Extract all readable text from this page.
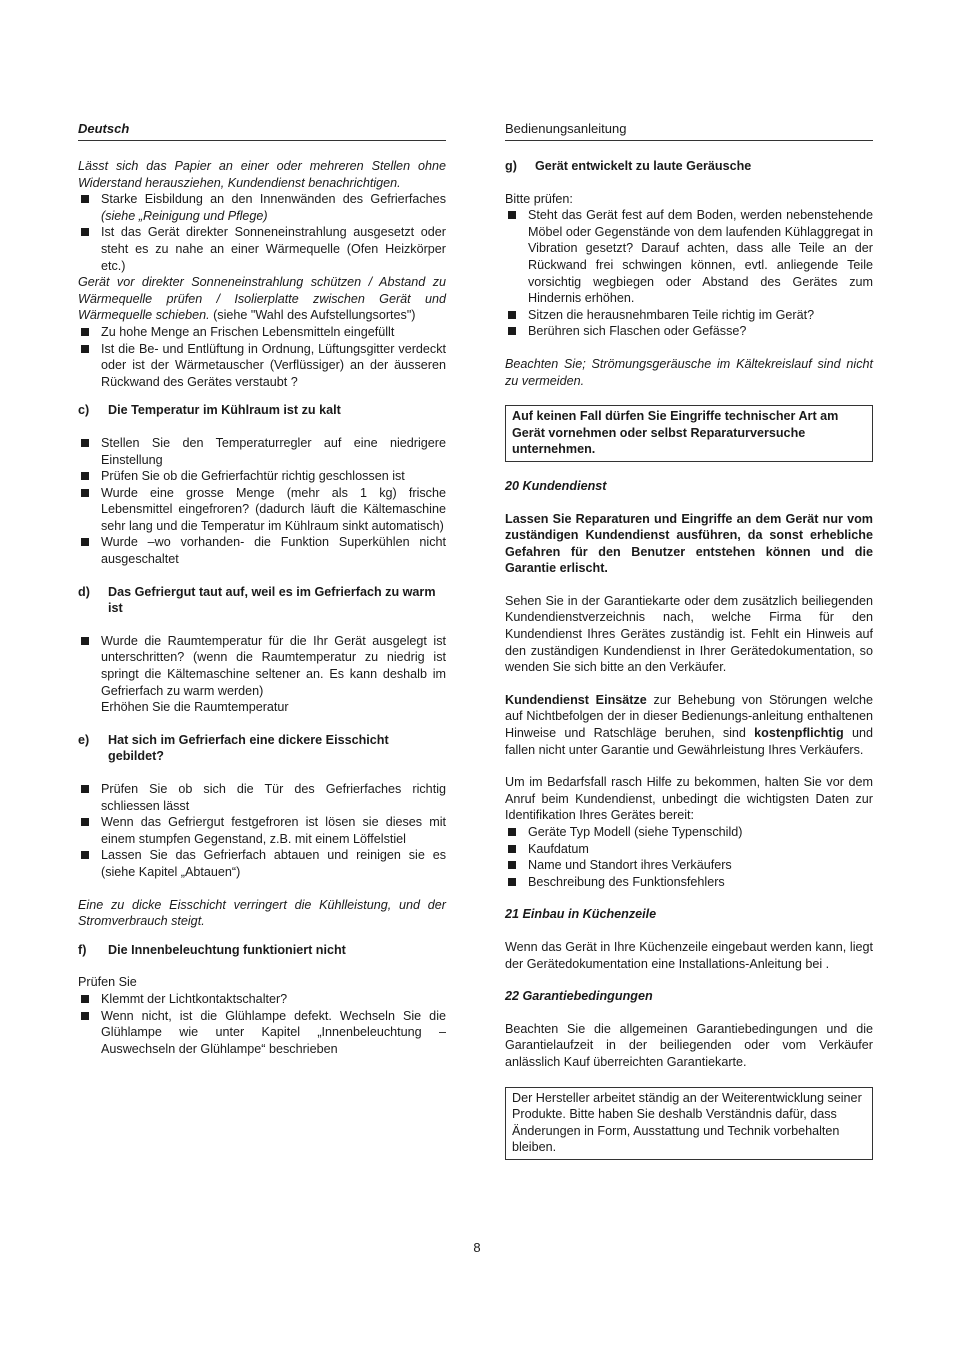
Deutsch	Bedienungsanleitung

Lässt sich das Papier an einer oder mehreren Stellen ohne Widerstand herausziehen, Kundendienst benachrichtigen.

Starke Eisbildung an den Innenwänden des Gefrierfaches (siehe „Reinigung und Pflege)
Ist das Gerät direkter Sonneneinstrahlung ausgesetzt oder steht es zu nahe an einer Wärmequelle (Ofen Heizkörper etc.)

Gerät vor direkter Sonneneinstrahlung schützen / Abstand zu Wärmequelle prüfen / Isolierplatte zwischen Gerät und Wärmequelle schieben. (siehe "Wahl des Aufstellungsortes")

Zu hohe Menge an Frischen Lebensmitteln eingefüllt
Ist die Be- und Entlüftung in Ordnung, Lüftungsgitter verdeckt oder ist der Wärmetauscher (Verflüssiger) an der äusseren Rückwand des Gerätes verstaubt ?
c)	Die Temperatur im Kühlraum ist zu kalt
Stellen Sie den Temperaturregler auf eine niedrigere Einstellung
Prüfen Sie ob die Gefrierfachtür richtig geschlossen ist
Wurde eine grosse Menge (mehr als 1 kg) frische Lebensmittel eingefroren? (dadurch läuft die Kältemaschine sehr lang und die Temperatur im Kühlraum sinkt automatisch)
Wurde –wo vorhanden- die Funktion Superkühlen nicht ausgeschaltet
d)	Das Gefriergut taut auf, weil es im Gefrierfach zu warm ist
Wurde die Raumtemperatur für die Ihr Gerät ausgelegt ist unterschritten? (wenn die Raumtemperatur zu niedrig ist springt die Kältemaschine seltener an. Es kann deshalb im Gefrierfach zu warm werden)

Erhöhen Sie die Raumtemperatur

e)	Hat sich im Gefrierfach eine dickere Eisschicht gebildet?
Prüfen Sie ob sich die Tür des Gefrierfaches richtig schliessen lässt
Wenn das Gefriergut festgefroren ist lösen sie dieses mit einem stumpfen Gegenstand, z.B. mit einem Löffelstiel
Lassen Sie das Gefrierfach abtauen und reinigen sie es (siehe Kapitel „Abtauen“)

Eine zu dicke Eisschicht verringert die Kühlleistung, und der Stromverbrauch steigt.

f)	Die Innenbeleuchtung funktioniert nicht

Prüfen Sie

Klemmt der Lichtkontaktschalter?
Wenn nicht, ist die Glühlampe defekt. Wechseln Sie die Glühlampe wie unter Kapitel „Innenbeleuchtung – Auswechseln der Glühlampe“ beschrieben
g)	Gerät entwickelt zu laute Geräusche

Bitte prüfen:

Steht das Gerät fest auf dem Boden, werden nebenstehende Möbel oder Gegenstände von dem laufenden Kühlaggregat in Vibration gesetzt? Darauf achten, dass alle Teile an der Rückwand frei schwingen können, evtl. anliegende Teile vorsichtig wegbiegen oder Abstand des Gerätes zum Hindernis erhöhen.
Sitzen die herausnehmbaren Teile richtig im Gerät?
Berühren sich Flaschen oder Gefässe?

Beachten Sie; Strömungsgeräusche im Kältekreislauf sind nicht zu vermeiden.

Auf keinen Fall dürfen Sie Eingriffe technischer Art am Gerät vornehmen oder selbst Reparaturversuche unternehmen.

20 Kundendienst

Lassen Sie Reparaturen und Eingriffe an dem Gerät nur vom zuständigen Kundendienst ausführen, da sonst erhebliche Gefahren für den Benutzer entstehen können und die Garantie erlischt.

Sehen Sie in der Garantiekarte oder dem zusätzlich beiliegenden Kundendienstverzeichnis nach, welche Firma für den Kundendienst Ihres Gerätes zuständig ist. Fehlt ein Hinweis auf den zuständigen Kundendienst in Ihrer Gerätedokumentation, so wenden Sie sich bitte an den Verkäufer.

Kundendienst Einsätze zur Behebung von Störungen welche auf Nichtbefolgen der in dieser Bedienungs-anleitung enthaltenen Hinweise und Ratschläge beruhen, sind kostenpflichtig und fallen nicht unter Garantie und Gewährleistung Ihres Verkäufers.

Um im Bedarfsfall rasch Hilfe zu bekommen, halten Sie vor dem Anruf beim Kundendienst, unbedingt die wichtigsten Daten zur Identifikation Ihres Gerätes bereit:

Geräte Typ Modell (siehe Typenschild)
Kaufdatum
Name und Standort ihres Verkäufers
Beschreibung des Funktionsfehlers

21 Einbau in Küchenzeile

Wenn das Gerät in Ihre Küchenzeile eingebaut werden kann, liegt der Gerätedokumentation eine Installations-Anleitung bei .

22 Garantiebedingungen

Beachten Sie die allgemeinen Garantiebedingungen und die Garantielaufzeit in der beiliegenden oder vom Verkäufer anlässlich Kauf überreichten Garantiekarte.

Der Hersteller arbeitet ständig an der Weiterentwicklung seiner Produkte. Bitte haben Sie deshalb Verständnis dafür, dass Änderungen in Form, Ausstattung und Technik vorbehalten bleiben.
8
